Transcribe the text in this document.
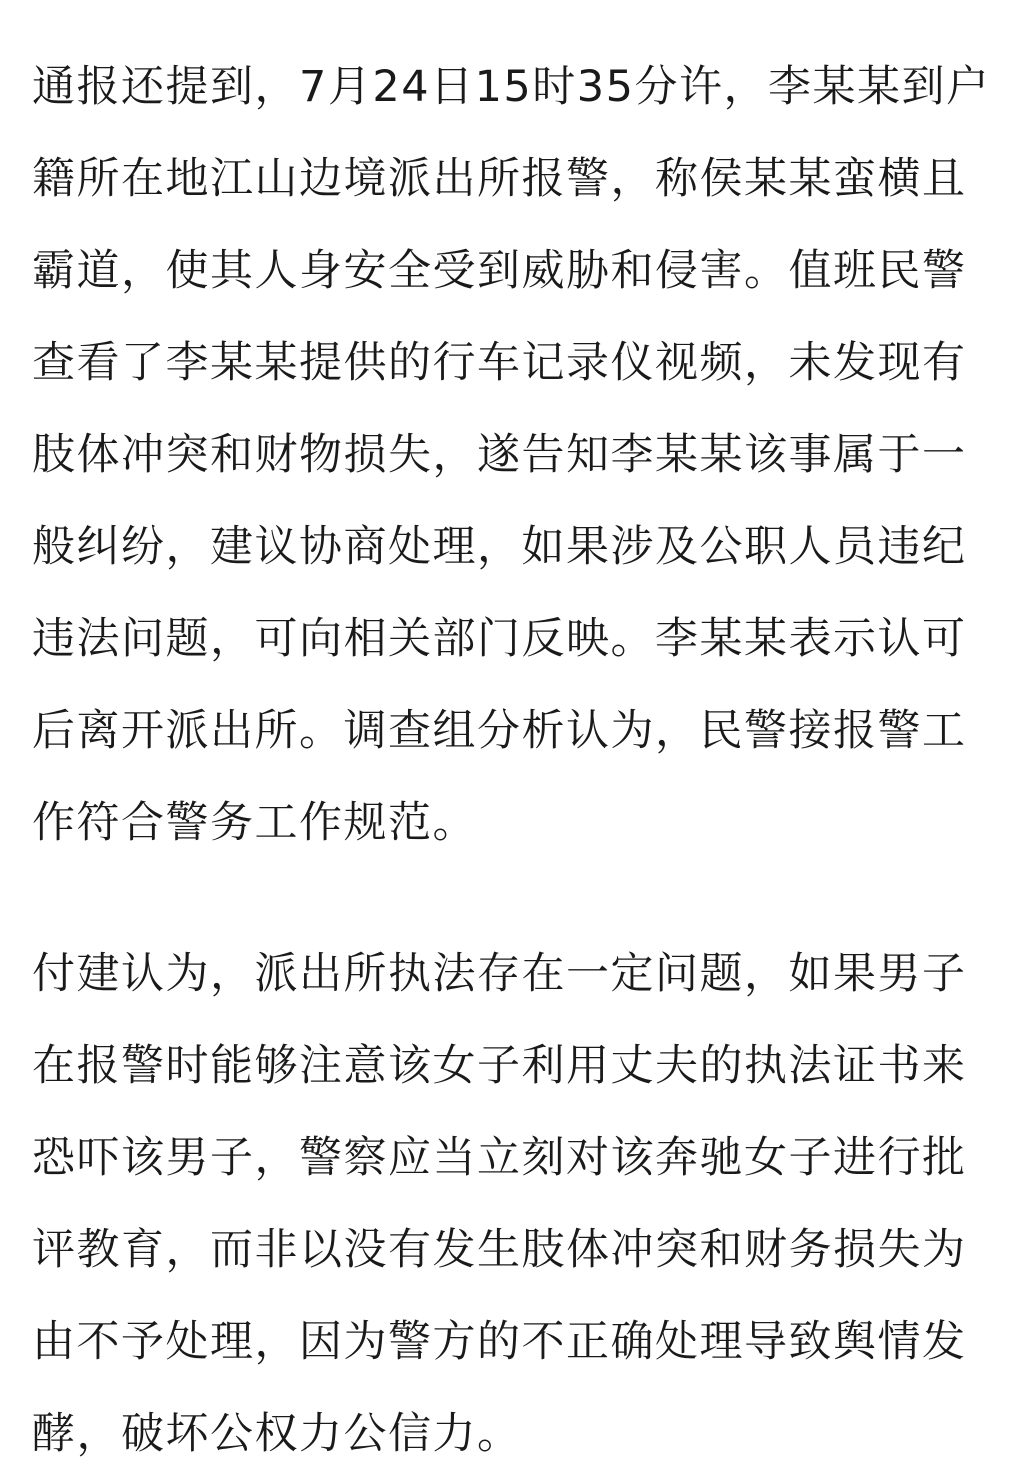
通报还提到，7月24日15时35分许，李某某到户
籍所在地江山边境派出所报警，称侯某某蛮横且
霸道，使其人身安全受到威胁和侵害。值班民警
查看了李某某提供的行车记录仪视频，未发现有
肢体冲突和财物损失，遂告知李某某该事属于一
般纠纷，建议协商处理，如果涉及公职人员违纪
违法问题，可向相关部门反映。李某某表示认可
后离开派出所。调查组分析认为，民警接报警工
作符合警务工作规范。
付建认为，派出所执法存在一定问题，如果男子
在报警时能够注意该女子利用丈夫的执法证书来
恐吓该男子，警察应当立刻对该奔驰女子进行批
评教育，而非以没有发生肢体冲突和财务损失为
由不予处理，因为警方的不正确处理导致舆情发
酵，破坏公权力公信力。
